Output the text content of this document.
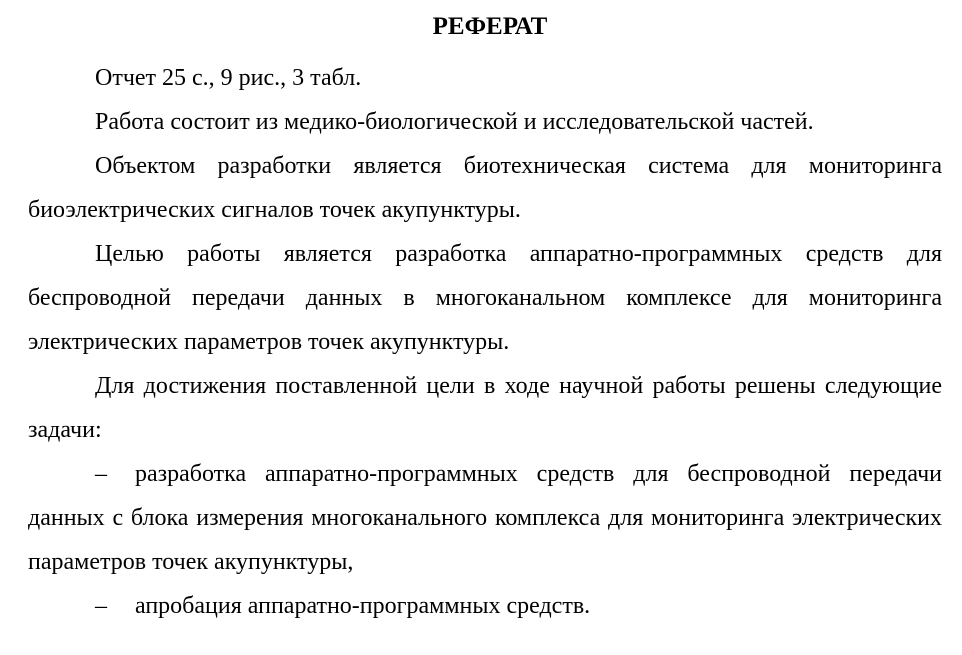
РЕФЕРАТ

Отчет 25 с., 9 рис., 3 табл.

Работа состоит из медико-биологической и исследовательской частей.

Объектом разработки является биотехническая система для мониторинга биоэлектрических сигналов точек акупунктуры.

Целью работы является разработка аппаратно-программных средств для беспроводной передачи данных в многоканальном комплексе для мониторинга электрических параметров точек акупунктуры.

Для достижения поставленной цели в ходе научной работы решены следующие задачи:

– разработка аппаратно-программных средств для беспроводной передачи данных с блока измерения многоканального комплекса для мониторинга электрических параметров точек акупунктуры,

– апробация аппаратно-программных средств.
